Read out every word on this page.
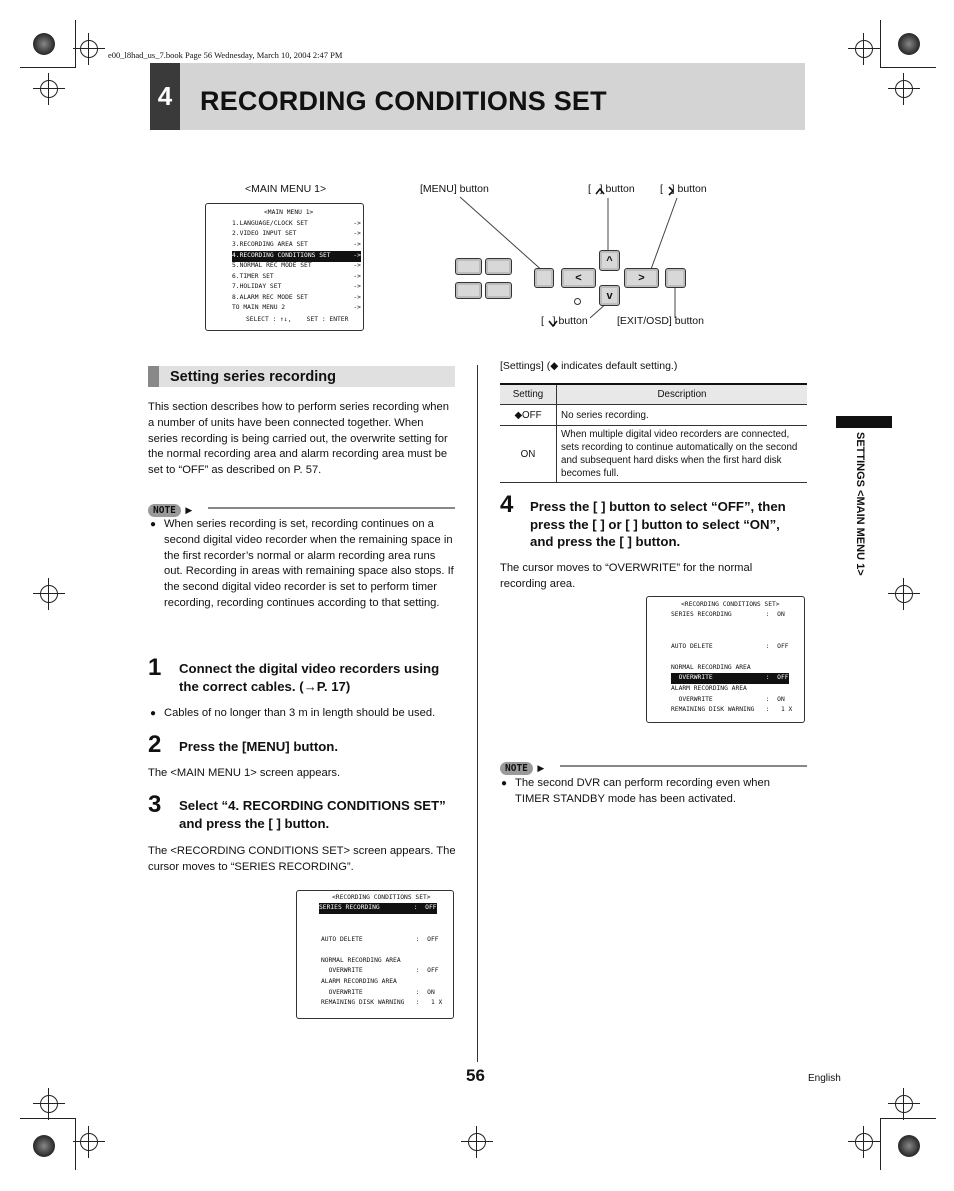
e00_l8had_us_7.book Page 56 Wednesday, March 10, 2004 2:47 PM
4 RECORDING CONDITIONS SET
<MAIN MENU 1>
<MAIN MENU 1>
1.LANGUAGE/CLOCK SET            ->
2.VIDEO INPUT SET               ->
3.RECORDING AREA SET            ->
4.RECORDING CONDITIONS SET      ->
5.NORMAL REC MODE SET           ->
6.TIMER SET                     ->
7.HOLIDAY SET                   ->
8.ALARM REC MODE SET            ->
TO MAIN MENU 2                  ->
SELECT : ↑↓,    SET : ENTER
[MENU] button	[   ] button [   ] button
[   ] button	[EXIT/OSD] button
<
^
>
v
Setting series recording
This section describes how to perform series recording when a number of units have been connected together. When series recording is being carried out, the overwrite setting for the normal recording area and alarm recording area must be set to “OFF” as described on P. 57.
NOTE ▶
● When series recording is set, recording continues on a second digital video recorder when the remaining space in the first recorder’s normal or alarm recording area runs out. Recording in areas with remaining space also stops. If the second digital video recorder is set to perform timer recording, recording continues according to that setting.
1 Connect the digital video recorders using the correct cables. (→P. 17)
● Cables of no longer than 3 m in length should be used.
2 Press the [MENU] button.
The <MAIN MENU 1> screen appears.
3 Select “4. RECORDING CONDITIONS SET” and press the [ ] button.
The <RECORDING CONDITIONS SET> screen appears. The cursor moves to “SERIES RECORDING”.
<RECORDING CONDITIONS SET>
SERIES RECORDING         :  OFF
AUTO DELETE              :  OFF
NORMAL RECORDING AREA
OVERWRITE              :  OFF
ALARM RECORDING AREA
OVERWRITE              :  ON
REMAINING DISK WARNING   :   1 X
[Settings] (◆ indicates default setting.)
Setting	Description
◆OFF	No series recording.
ON	When multiple digital video recorders are connected, sets recording to continue automatically on the second and subsequent hard disks when the first hard disk becomes full.
4 Press the [ ] button to select “OFF”, then press the [ ] or [ ] button to select “ON”, and press the [ ] button.
The cursor moves to “OVERWRITE” for the normal recording area.
<RECORDING CONDITIONS SET>
SERIES RECORDING         :  ON
AUTO DELETE              :  OFF
NORMAL RECORDING AREA
OVERWRITE              :  OFF
ALARM RECORDING AREA
OVERWRITE              :  ON
REMAINING DISK WARNING   :   1 X
NOTE ▶
● The second DVR can perform recording even when TIMER STANDBY mode has been activated.
SETTINGS <MAIN MENU 1>
56	English
